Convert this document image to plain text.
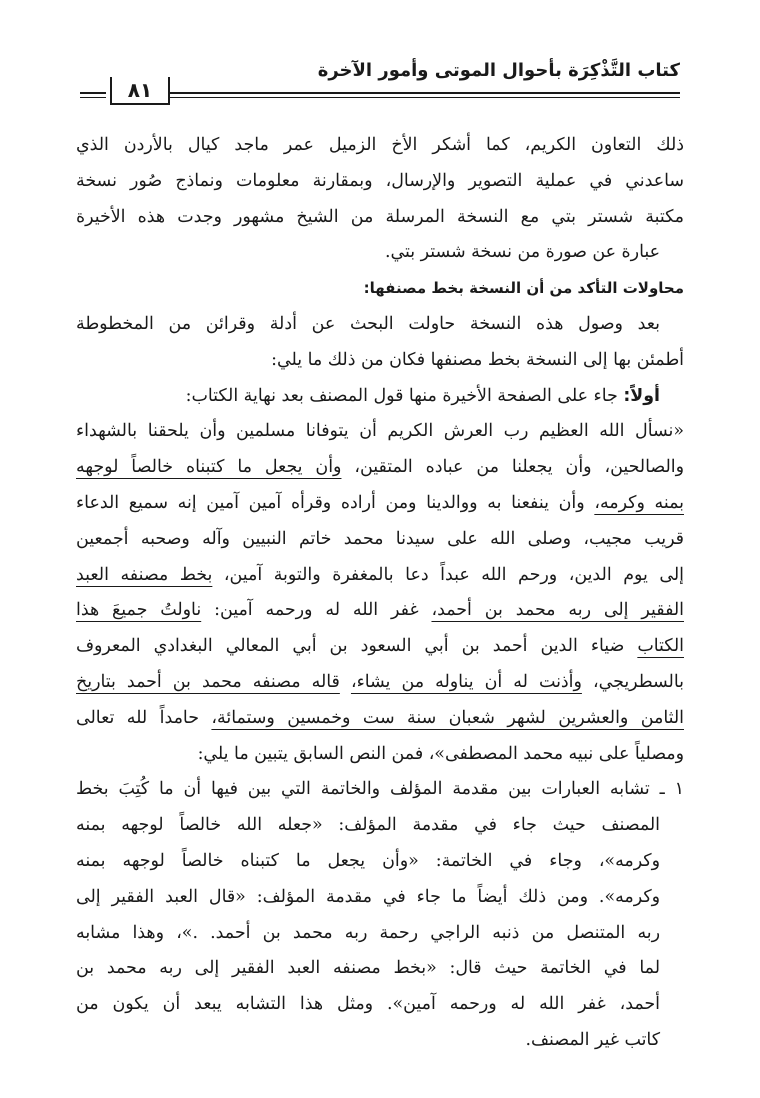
كتاب التَّذْكِرَة بأحوال الموتى وأمور الآخرة
٨١
ذلك التعاون الكريم، كما أشكر الأخ الزميل عمر ماجد كيال بالأردن الذي
ساعدني في عملية التصوير والإرسال، وبمقارنة معلومات ونماذج صُور نسخة
مكتبة شستر بتي مع النسخة المرسلة من الشيخ مشهور وجدت هذه الأخيرة
عبارة عن صورة من نسخة شستر بتي.
محاولات التأكد من أن النسخة بخط مصنفها:
بعد وصول هذه النسخة حاولت البحث عن أدلة وقرائن من المخطوطة
أطمئن بها إلى النسخة بخط مصنفها فكان من ذلك ما يلي:
أولاً: جاء على الصفحة الأخيرة منها قول المصنف بعد نهاية الكتاب:
«نسأل الله العظيم رب العرش الكريم أن يتوفانا مسلمين وأن يلحقنا بالشهداء
والصالحين، وأن يجعلنا من عباده المتقين، وأن يجعل ما كتبناه خالصاً لوجهه
بمنه وكرمه، وأن ينفعنا به ووالدينا ومن أراده وقرأه آمين آمين إنه سميع الدعاء
قريب مجيب، وصلى الله على سيدنا محمد خاتم النبيين وآله وصحبه أجمعين
إلى يوم الدين، ورحم الله عبداً دعا بالمغفرة والتوبة آمين، بخط مصنفه العبد
الفقير إلى ربه محمد بن أحمد، غفر الله له ورحمه آمين: ناولتُ جميعَ هذا
الكتاب ضياء الدين أحمد بن أبي السعود بن أبي المعالي البغدادي المعروف
بالسطريجي، وأذنت له أن يناوله من يشاء، قاله مصنفه محمد بن أحمد بتاريخ
الثامن والعشرين لشهر شعبان سنة ست وخمسين وستمائة، حامداً لله تعالى
ومصلياً على نبيه محمد المصطفى»، فمن النص السابق يتبين ما يلي:
١ ـ تشابه العبارات بين مقدمة المؤلف والخاتمة التي بين فيها أن ما كُتِبَ بخط
المصنف حيث جاء في مقدمة المؤلف: «جعله الله خالصاً لوجهه بمنه
وكرمه»، وجاء في الخاتمة: «وأن يجعل ما كتبناه خالصاً لوجهه بمنه
وكرمه». ومن ذلك أيضاً ما جاء في مقدمة المؤلف: «قال العبد الفقير إلى
ربه المتنصل من ذنبه الراجي رحمة ربه محمد بن أحمد. .»، وهذا مشابه
لما في الخاتمة حيث قال: «بخط مصنفه العبد الفقير إلى ربه محمد بن
أحمد، غفر الله له ورحمه آمين». ومثل هذا التشابه يبعد أن يكون من
كاتب غير المصنف.
